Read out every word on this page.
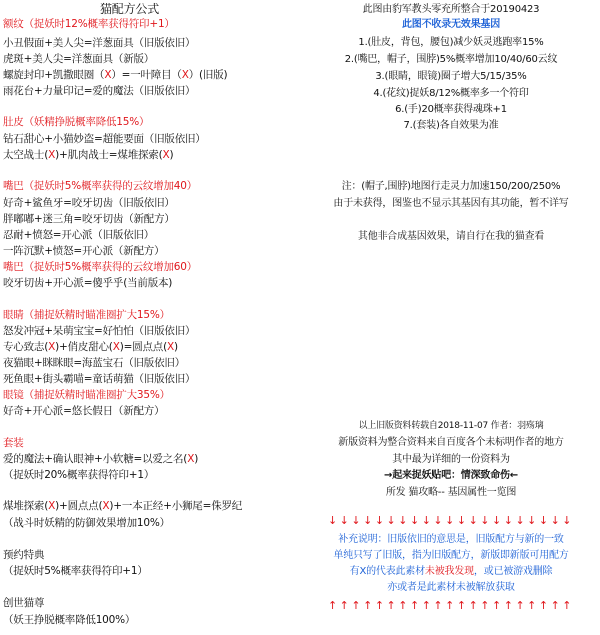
猫配方公式
额纹（捉妖时12%概率获得符印+1）
小丑假面+美人尖=洋葱面具（旧版依旧）
虎斑+美人尖=洋葱面具（新版）
螺旋封印+凯撒眼圈（X）=一叶障目（X）(旧版)
雨花台+力量印记=爱的魔法（旧版依旧）
肚皮（妖精挣脱概率降低15%）
钻石甜心+小猫妙盗=超能要面（旧版依旧）
太空战士(X)+肌肉战士=煤堆探索(X)
嘴巴（捉妖时5%概率获得的云纹增加40）
好奇+鲨鱼牙=咬牙切齿（旧版依旧）
胖嘟嘟+迷三角=咬牙切齿（新配方）
忍耐+愤怒=开心派（旧版依旧）
一阵沉默+愤怒=开心派（新配方）
嘴巴（捉妖时5%概率获得的云纹增加60）
咬牙切齿+开心派=傻乎乎(当前版本)
眼睛（捕捉妖精时瞄准圈扩大15%）
怒发冲冠+呆萌宝宝=好怕怕（旧版依旧）
专心致志(X)+俏皮甜心(X)=圆点点(X)
夜猫眼+眯眯眼=海蓝宝石（旧版依旧）
死鱼眼+街头霸喵=童话萌猫（旧版依旧）
眼镜（捕捉妖精时瞄准圈扩大35%）
好奇+开心派=悠长假日（新配方）
套装
爱的魔法+确认眼神+小软糖=以爱之名(X)
（捉妖时20%概率获得符印+1）
煤堆探索(X)+圆点点(X)+一本正经+小狮尾=侏罗纪
（战斗时妖精的防御效果增加10%）
预约特典
（捉妖时5%概率获得符印+1）
创世猫尊
（妖王挣脱概率降低100%）
此图由豹军教头零充所整合于20190423
此图不收录无效果基因
1.(肚皮，背包，腰包)减少妖灵逃跑率15%
2.(嘴巴，帽子，围脖)5%概率增加10/40/60云纹
3.(眼睛，眼镜)圈子增大5/15/35%
4.(花纹)捉妖8/12%概率多一个符印
6.(手)20概率获得魂珠+1
7.(套装)各自效果为准
注：(帽子,围脖)地图行走灵力加速150/200/250%
由于未获得，图鉴也不显示其基因有其功能，暂不详写
其他非合成基因效果，请自行在我的猫查看
以上旧版资料转载自2018-11-07 作者：羽殇璃
新版资料为整合资料来自百度各个未标明作者的地方
其中最为详细的一份资料为
→起来捉妖贴吧：情深致命伤←
所发 猫攻略-- 基因属性一览图
↓↓↓↓↓↓↓↓↓↓↓↓↓↓↓↓↓↓↓↓↓
补充说明：旧版依旧的意思是，旧版配方与新的一致
单纯只写了旧版，指为旧版配方，新版即新版可用配方
有X的代表此素材未被我发现，或已被游戏删除
亦或者是此素材未被解放获取
↑↑↑↑↑↑↑↑↑↑↑↑↑↑↑↑↑↑↑↑↑
